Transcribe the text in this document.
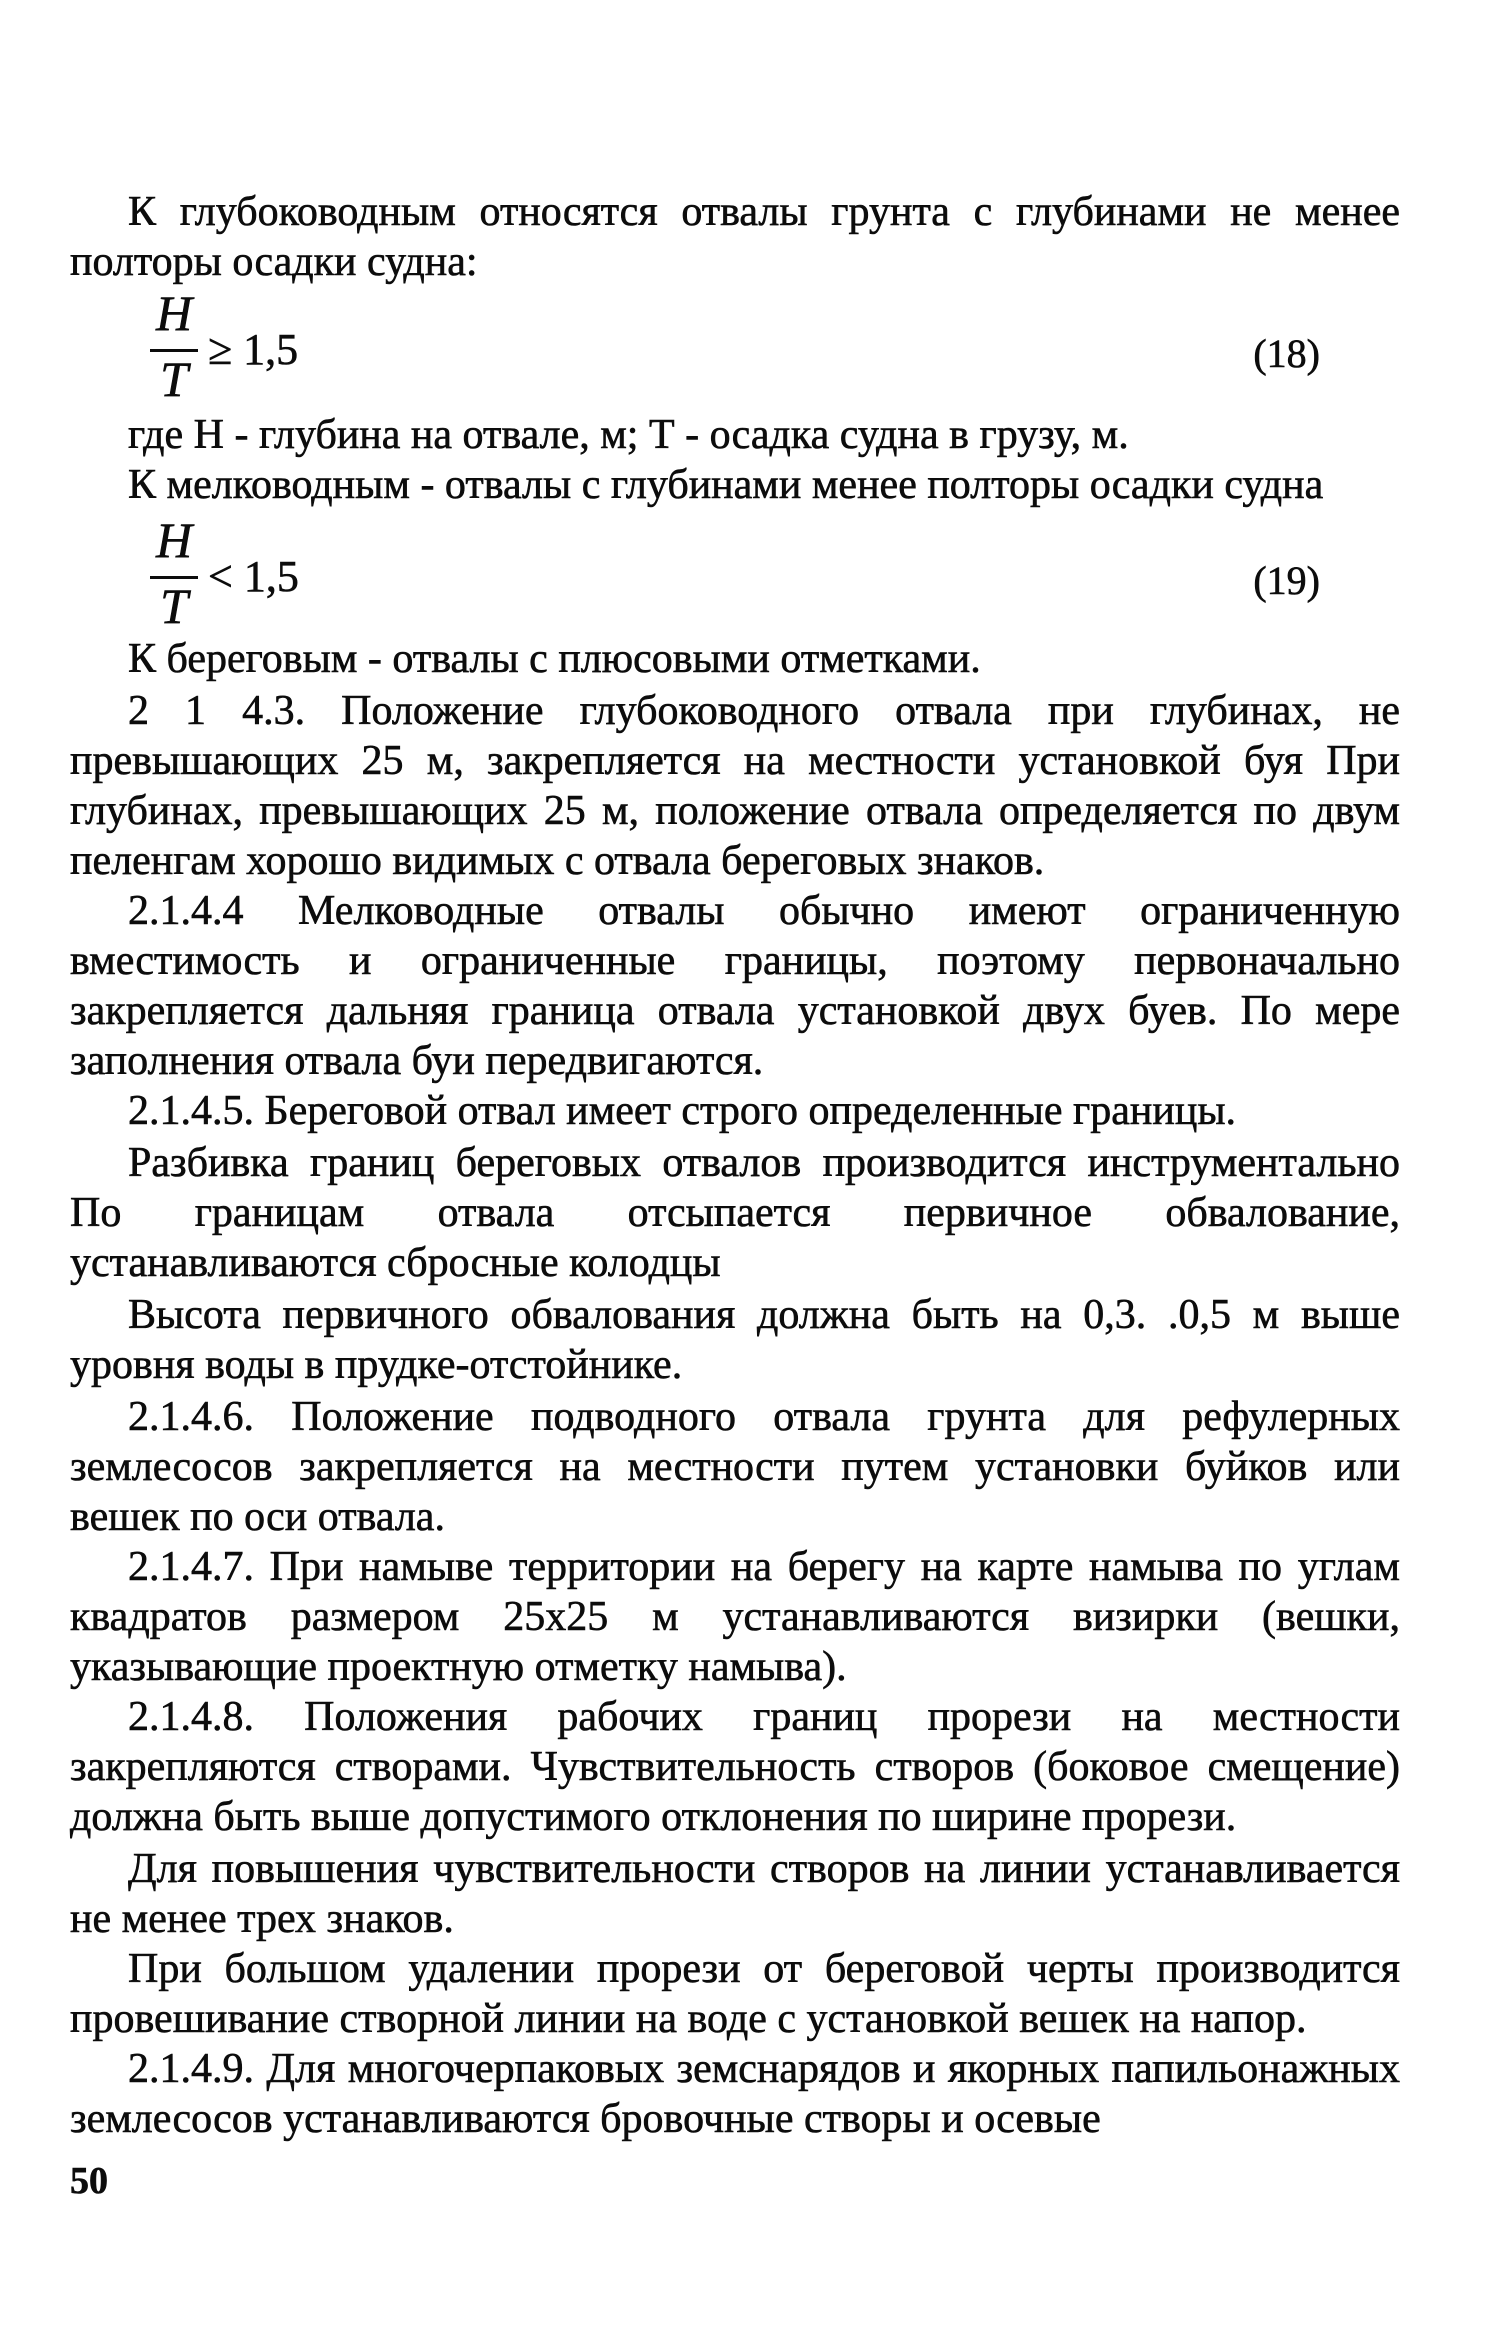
К глубоководным относятся отвалы грунта с глубинами не менее полторы осадки судна:

H
T
≥ 1,5	(18)

где Н - глубина на отвале, м; Т - осадка судна в грузу, м.

К мелководным - отвалы с глубинами менее полторы осадки судна

H
T
< 1,5	(19)

К береговым - отвалы с плюсовыми отметками.

2 1 4.3. Положение глубоководного отвала при глубинах, не превышающих 25 м, закрепляется на местности установкой буя При глубинах, превышающих 25 м, положение отвала определяется по двум пеленгам хорошо видимых с отвала береговых знаков.

2.1.4.4 Мелководные отвалы обычно имеют ограниченную вместимость и ограниченные границы, поэтому первоначально закрепляется дальняя граница отвала установкой двух буев. По мере заполнения отвала буи передвигаются.

2.1.4.5. Береговой отвал имеет строго определенные границы.

Разбивка границ береговых отвалов производится инструментально По границам отвала отсыпается первичное обвалование, устанавливаются сбросные колодцы

Высота первичного обвалования должна быть на 0,3. .0,5 м выше уровня воды в прудке-отстойнике.

2.1.4.6. Положение подводного отвала грунта для рефулерных землесосов закрепляется на местности путем установки буйков или вешек по оси отвала.

2.1.4.7. При намыве территории на берегу на карте намыва по углам квадратов размером 25х25 м устанавливаются визирки (вешки, указывающие проектную отметку намыва).

2.1.4.8. Положения рабочих границ прорези на местности закрепляются створами. Чувствительность створов (боковое смещение) должна быть выше допустимого отклонения по ширине прорези.

Для повышения чувствительности створов на линии устанавливается не менее трех знаков.

При большом удалении прорези от береговой черты производится провешивание створной линии на воде с установкой вешек на напор.

2.1.4.9. Для многочерпаковых земснарядов и якорных папильонажных землесосов устанавливаются бровочные створы и осевые

50
